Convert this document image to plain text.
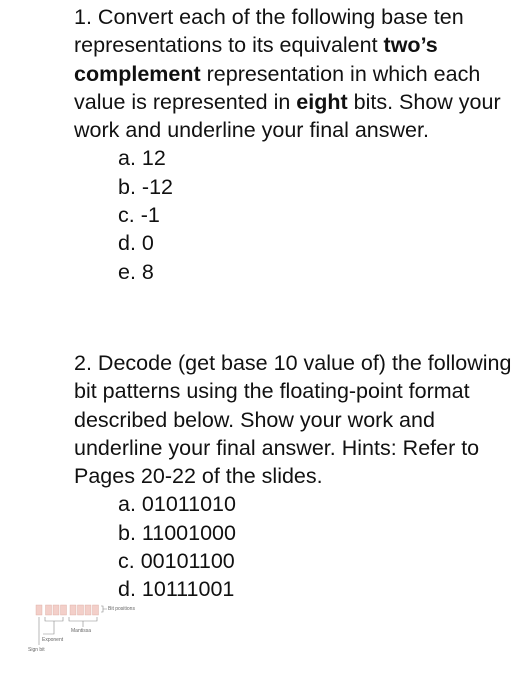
1. Convert each of the following base ten representations to its equivalent two’s complement representation in which each value is represented in eight bits. Show your work and underline your final answer.

a. 12
b. -12
c. -1
d. 0
e. 8

2. Decode (get base 10 value of) the following bit patterns using the floating-point format described below. Show your work and underline your final answer. Hints: Refer to Pages 20-22 of the slides.

a. 01011010
b. 11001000
c. 00101100
d. 10111001
Bit positions
Mantissa
Exponent
Sign bit
